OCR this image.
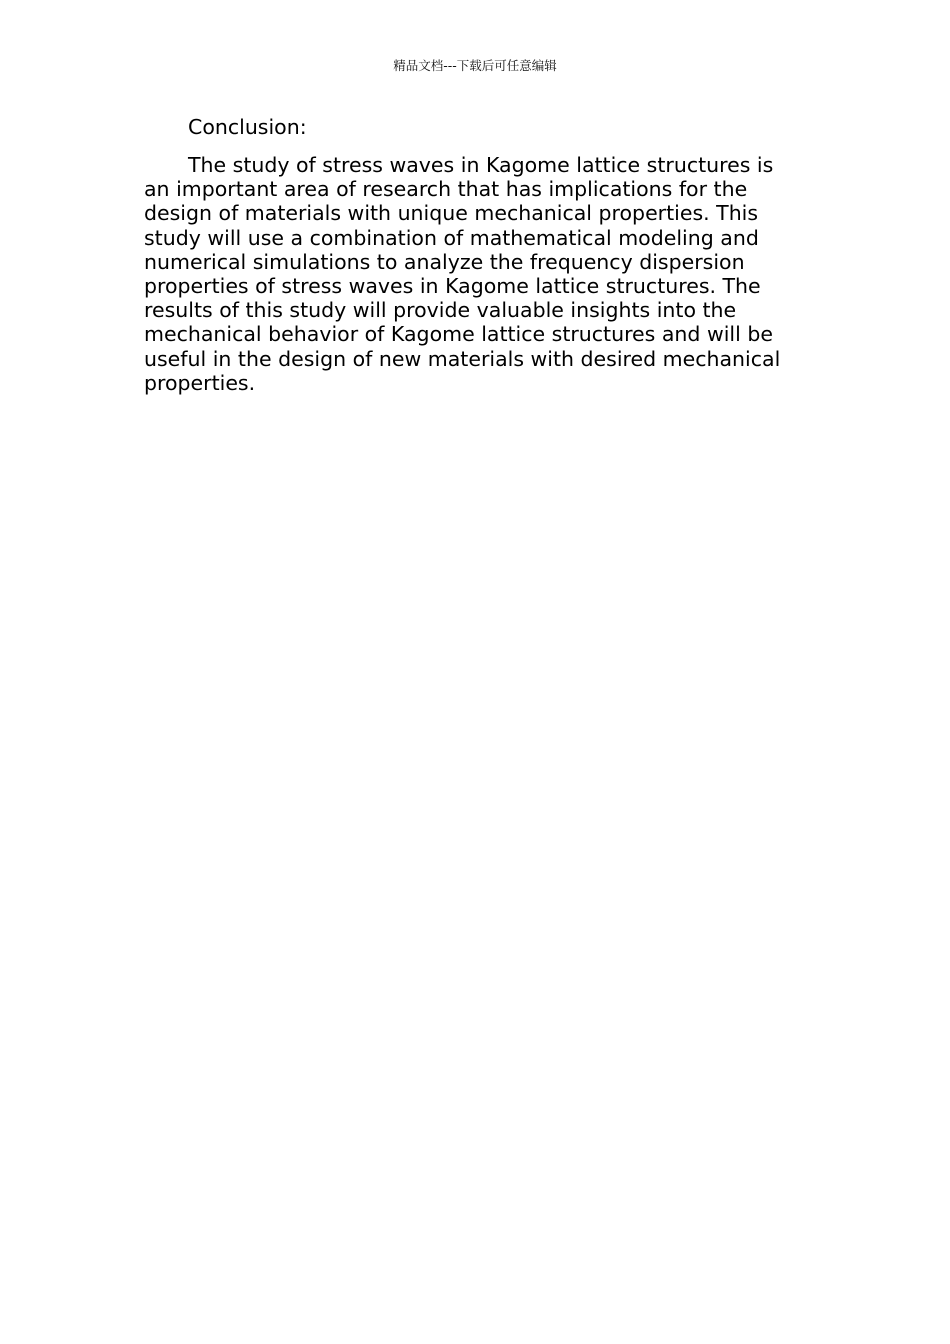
精品文档---下载后可任意编辑
Conclusion:
The study of stress waves in Kagome lattice structures is
an important area of research that has implications for the
design of materials with unique mechanical properties. This
study will use a combination of mathematical modeling and
numerical simulations to analyze the frequency dispersion
properties of stress waves in Kagome lattice structures. The
results of this study will provide valuable insights into the
mechanical behavior of Kagome lattice structures and will be
useful in the design of new materials with desired mechanical
properties.
